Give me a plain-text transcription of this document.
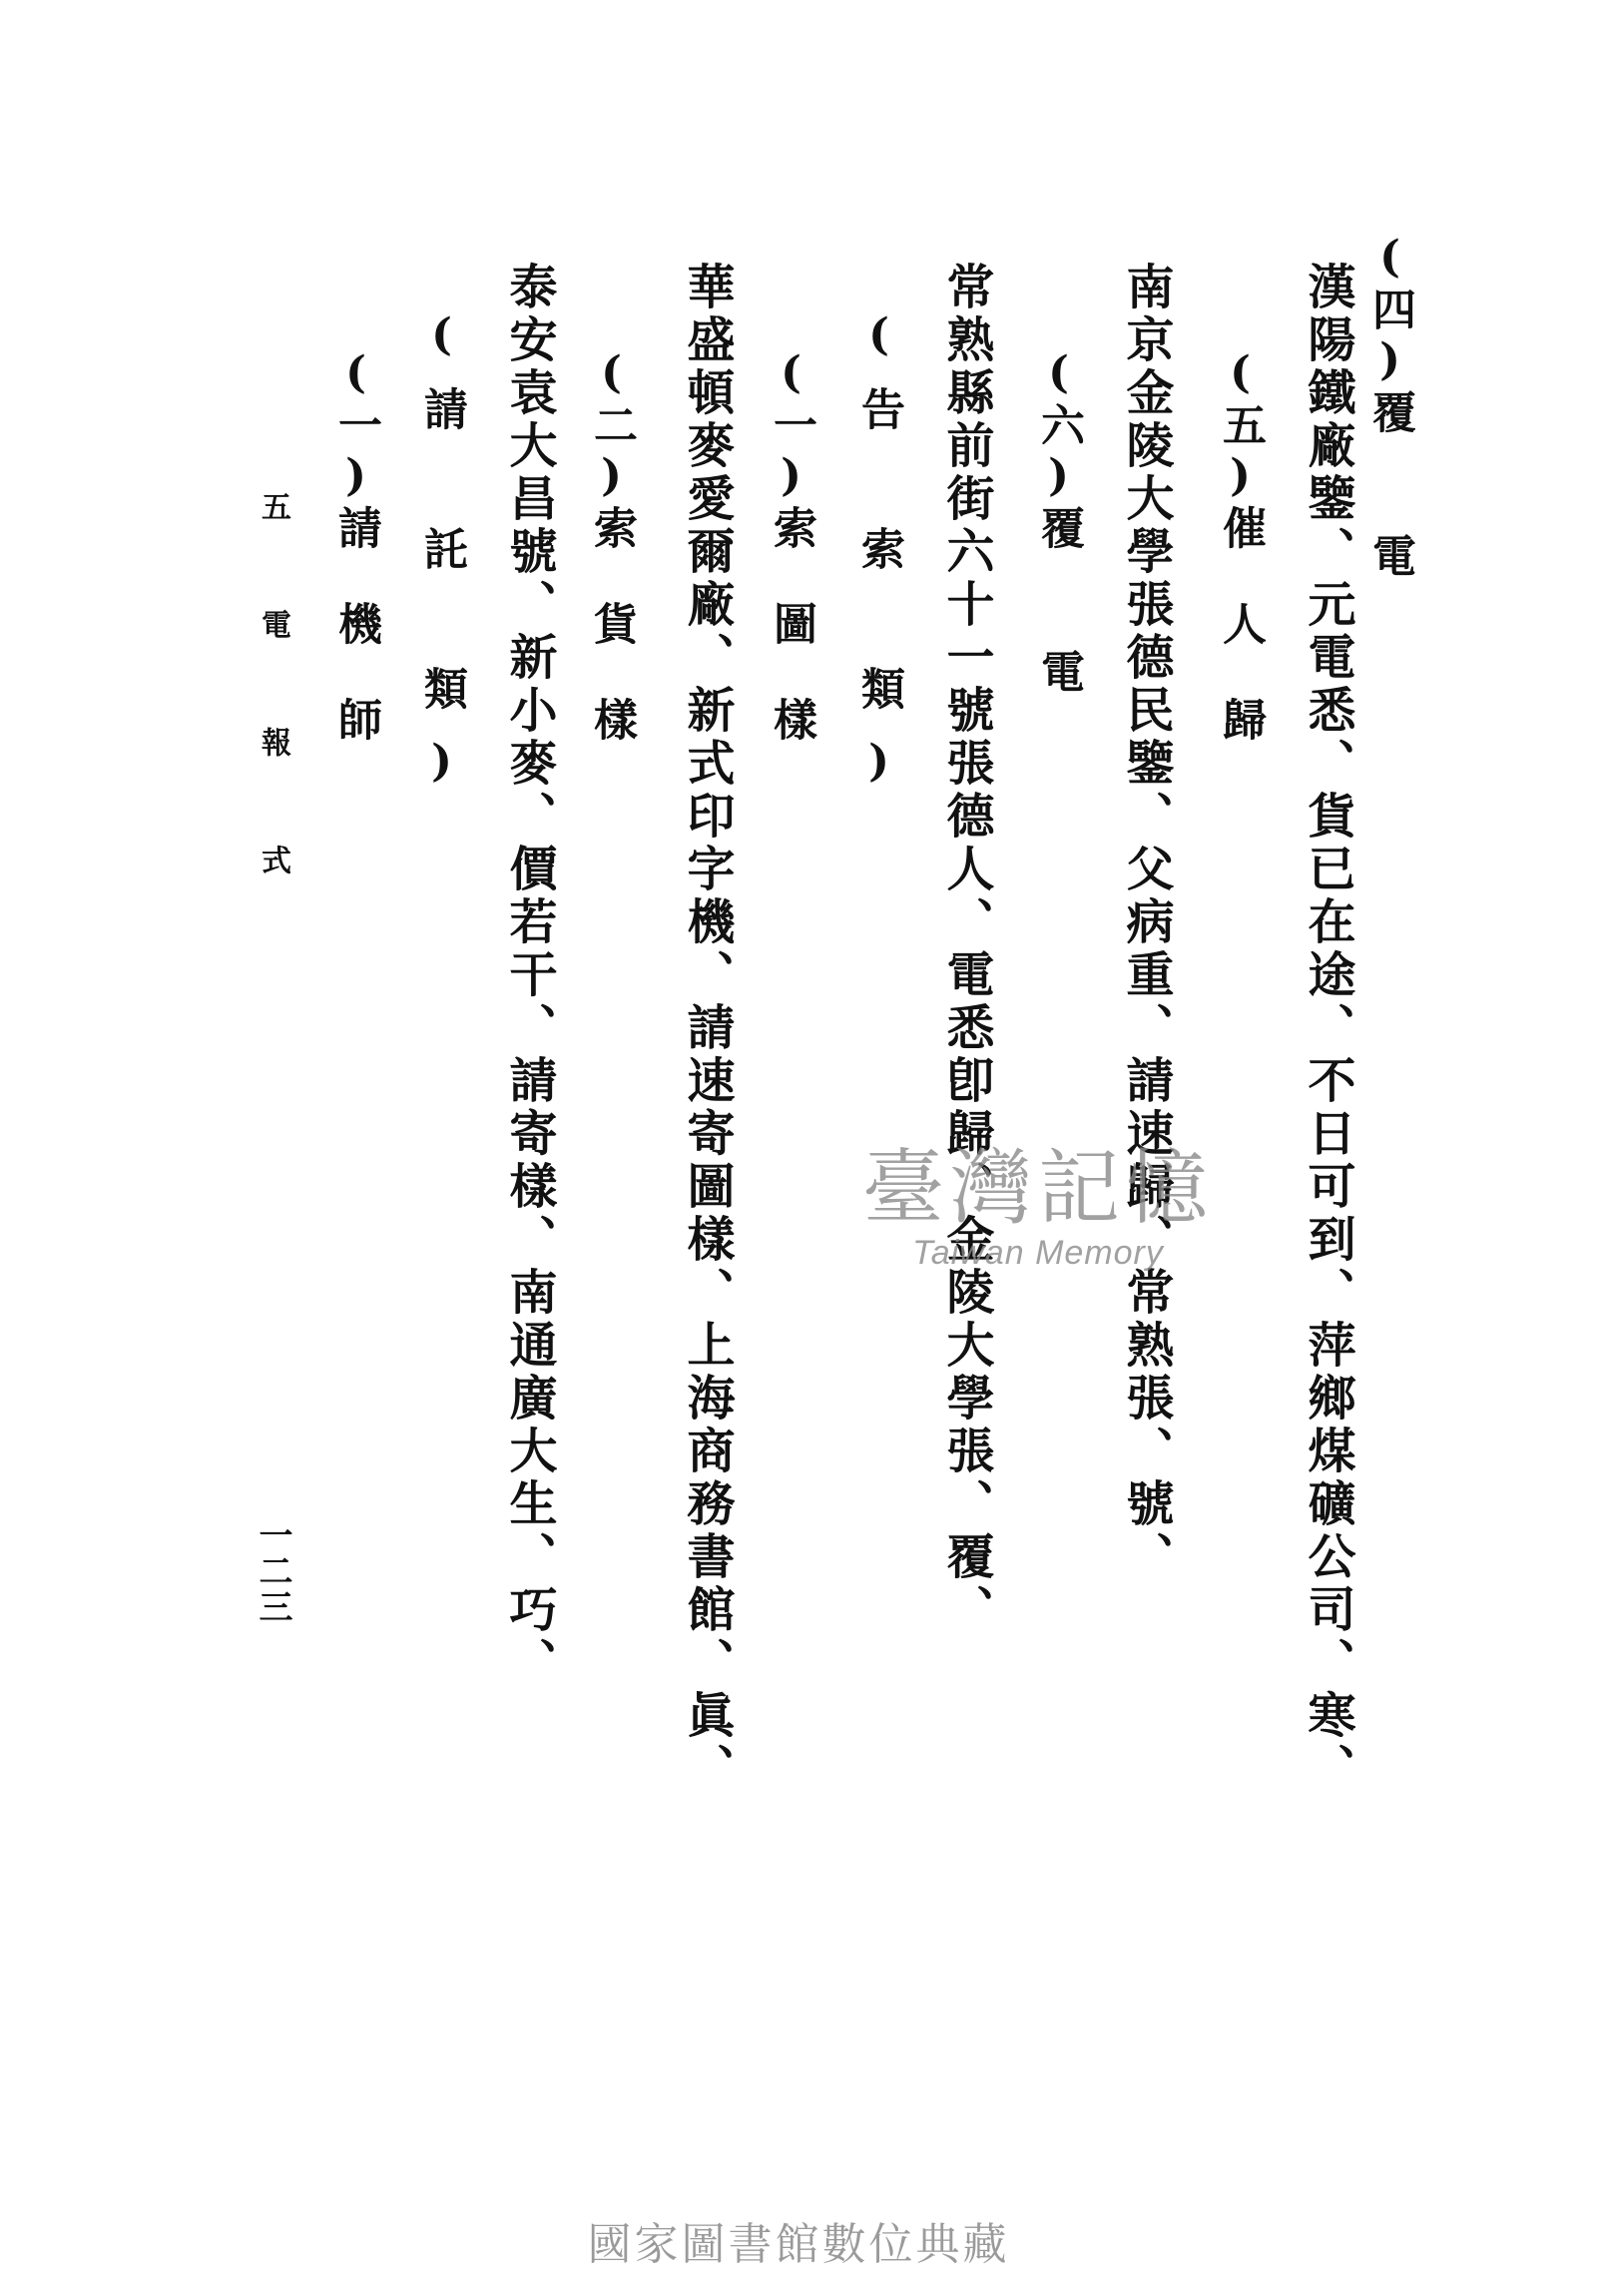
(四)覆　　電
漢陽鐵廠鑒、元電悉、貨已在途、不日可到、萍鄉煤礦公司、寒、
(五)催　人　歸
南京金陵大學張德民鑒、父病重、請速歸、常熟張、號、
(六)覆　　電
常熟縣前街六十一號張德人、電悉卽歸、金陵大學張、覆、
(告　索　類)
(一)索　圖　樣
華盛頓麥愛爾廠、新式印字機、請速寄圖樣、上海商務書館、眞、
(二)索　貨　樣
泰安袁大昌號、新小麥、價若干、請寄樣、南通廣大生、巧、
(請　託　類)
(一)請　機　師
五電報式
一二三
臺灣記憶
Taiwan Memory
國家圖書館數位典藏
